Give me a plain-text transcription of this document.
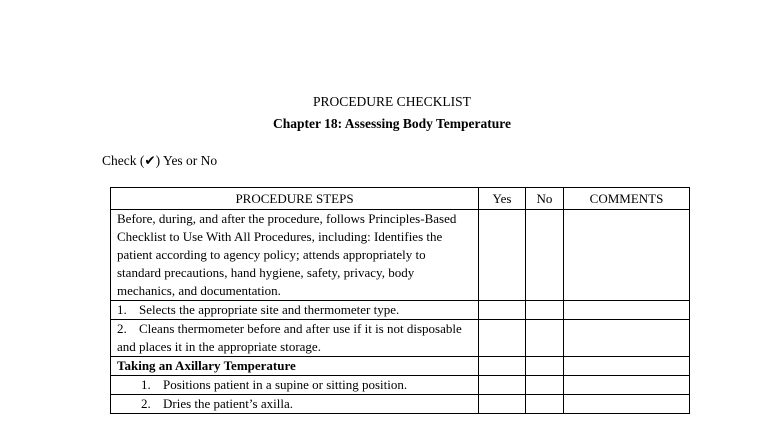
PROCEDURE CHECKLIST
Chapter 18: Assessing Body Temperature
Check (✔) Yes or No
PROCEDURE STEPS	Yes	No	COMMENTS
Before, during, and after the procedure, follows Principles-Based Checklist to Use With All Procedures, including: Identifies the patient according to agency policy; attends appropriately to standard precautions, hand hygiene, safety, privacy, body mechanics, and documentation.			
1. Selects the appropriate site and thermometer type.			
2. Cleans thermometer before and after use if it is not disposable and places it in the appropriate storage.			
Taking an Axillary Temperature			
1. Positions patient in a supine or sitting position.			
2. Dries the patient’s axilla.			
